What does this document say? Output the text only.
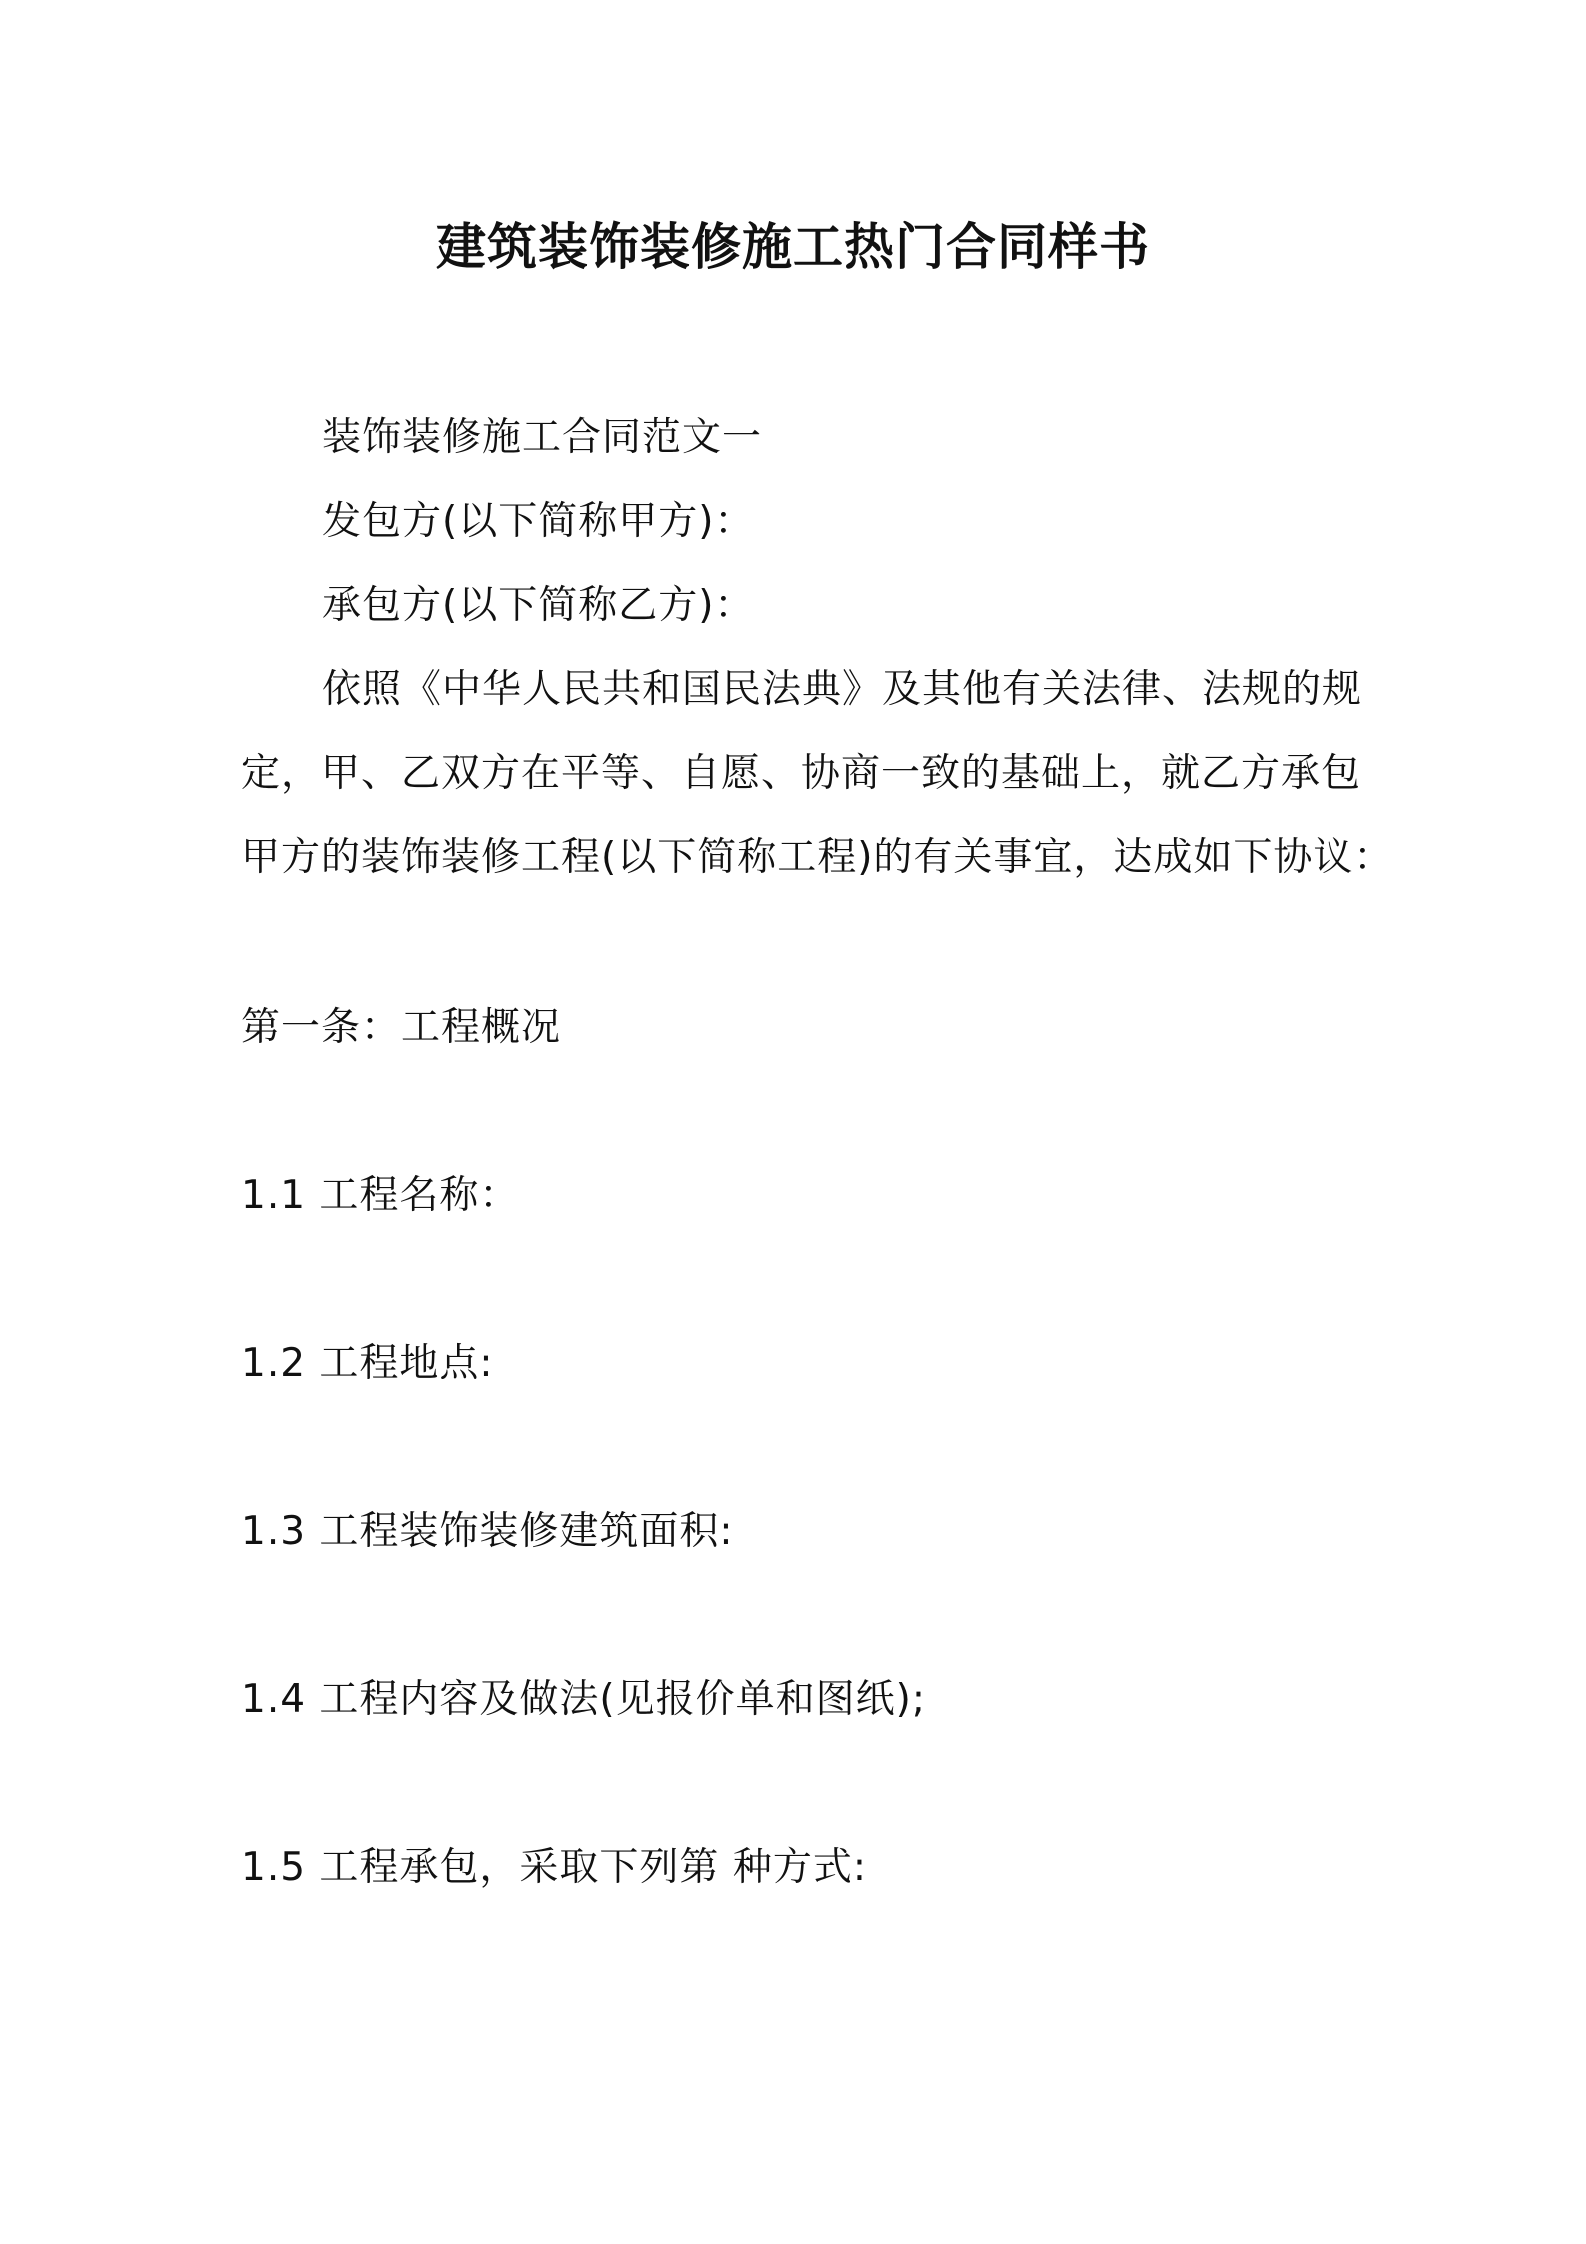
建筑装饰装修施工热门合同样书
装饰装修施工合同范文一
发包方(以下简称甲方)：
承包方(以下简称乙方)：
依照《中华人民共和国民法典》及其他有关法律、法规的规
定，甲、乙双方在平等、自愿、协商一致的基础上，就乙方承包
甲方的装饰装修工程(以下简称工程)的有关事宜，达成如下协议：
第一条：工程概况
1.1 工程名称：
1.2 工程地点:
1.3 工程装饰装修建筑面积:
1.4 工程内容及做法(见报价单和图纸);
1.5 工程承包，采取下列第 种方式:
